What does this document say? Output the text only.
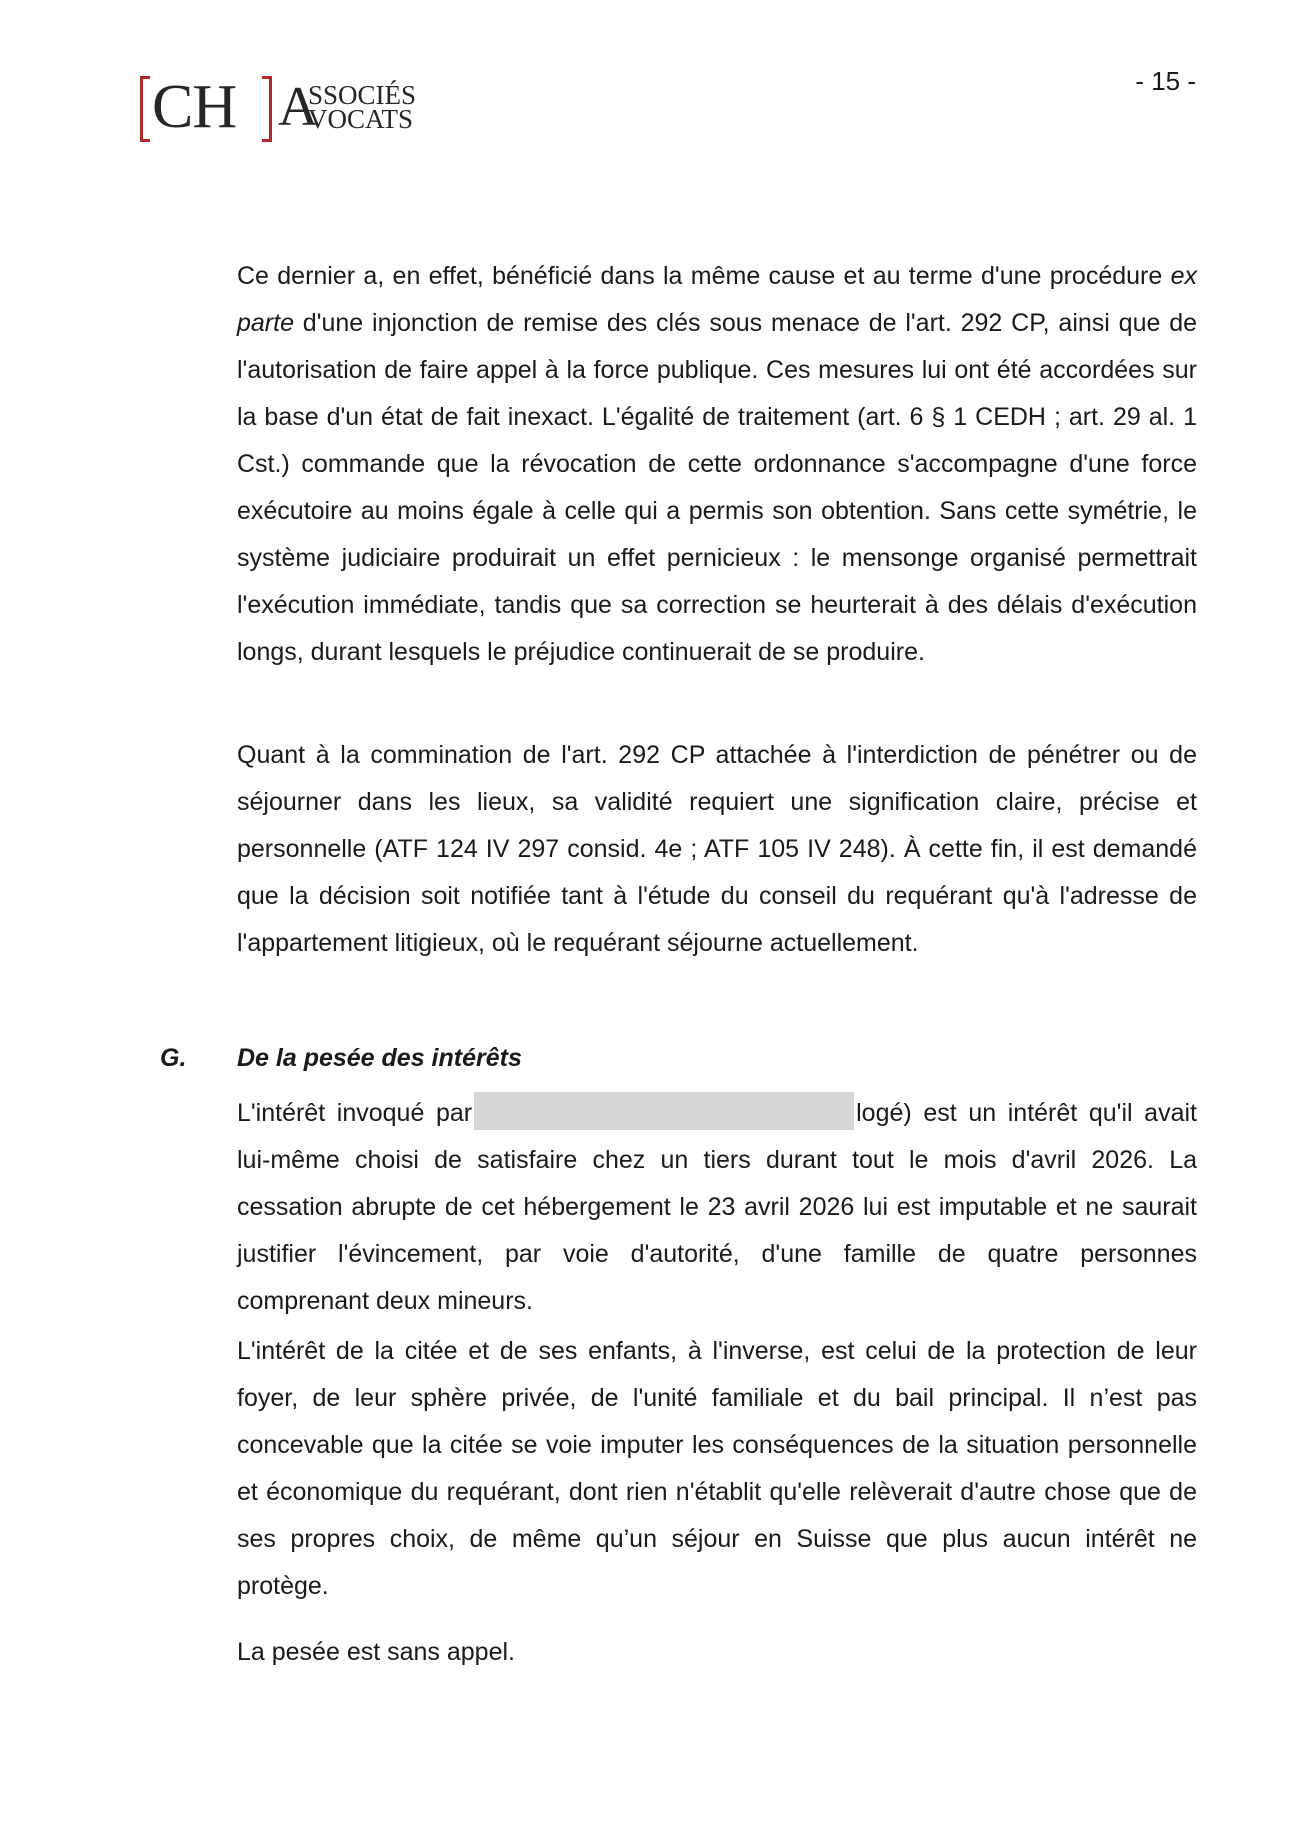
CH A
SSOCIÉS
VOCATS
- 15 -

Ce dernier a, en effet, bénéficié dans la même cause et au terme d'une procédure ex parte d'une injonction de remise des clés sous menace de l'art. 292 CP, ainsi que de l'autorisation de faire appel à la force publique. Ces mesures lui ont été accordées sur la base d'un état de fait inexact. L'égalité de traitement (art. 6 § 1 CEDH ; art. 29 al. 1 Cst.) commande que la révocation de cette ordonnance s'accompagne d'une force exécutoire au moins égale à celle qui a permis son obtention. Sans cette symétrie, le système judiciaire produirait un effet pernicieux : le mensonge organisé permettrait l'exécution immédiate, tandis que sa correction se heurterait à des délais d'exécution longs, durant lesquels le préjudice continuerait de se produire.

Quant à la commination de l'art. 292 CP attachée à l'interdiction de pénétrer ou de séjourner dans les lieux, sa validité requiert une signification claire, précise et personnelle (ATF 124 IV 297 consid. 4e ; ATF 105 IV 248). À cette fin, il est demandé que la décision soit notifiée tant à l'étude du conseil du requérant qu'à l'adresse de l'appartement litigieux, où le requérant séjourne actuellement.

G. De la pesée des intérêts

L'intérêt invoqué par	logé) est un intérêt qu'il avait lui-même choisi de satisfaire chez un tiers durant tout le mois d'avril 2026. La cessation abrupte de cet hébergement le 23 avril 2026 lui est imputable et ne saurait justifier l'évincement, par voie d'autorité, d'une famille de quatre personnes comprenant deux mineurs.

L'intérêt de la citée et de ses enfants, à l'inverse, est celui de la protection de leur foyer, de leur sphère privée, de l'unité familiale et du bail principal. Il n’est pas concevable que la citée se voie imputer les conséquences de la situation personnelle et économique du requérant, dont rien n'établit qu'elle relèverait d'autre chose que de ses propres choix, de même qu’un séjour en Suisse que plus aucun intérêt ne protège.

La pesée est sans appel.
